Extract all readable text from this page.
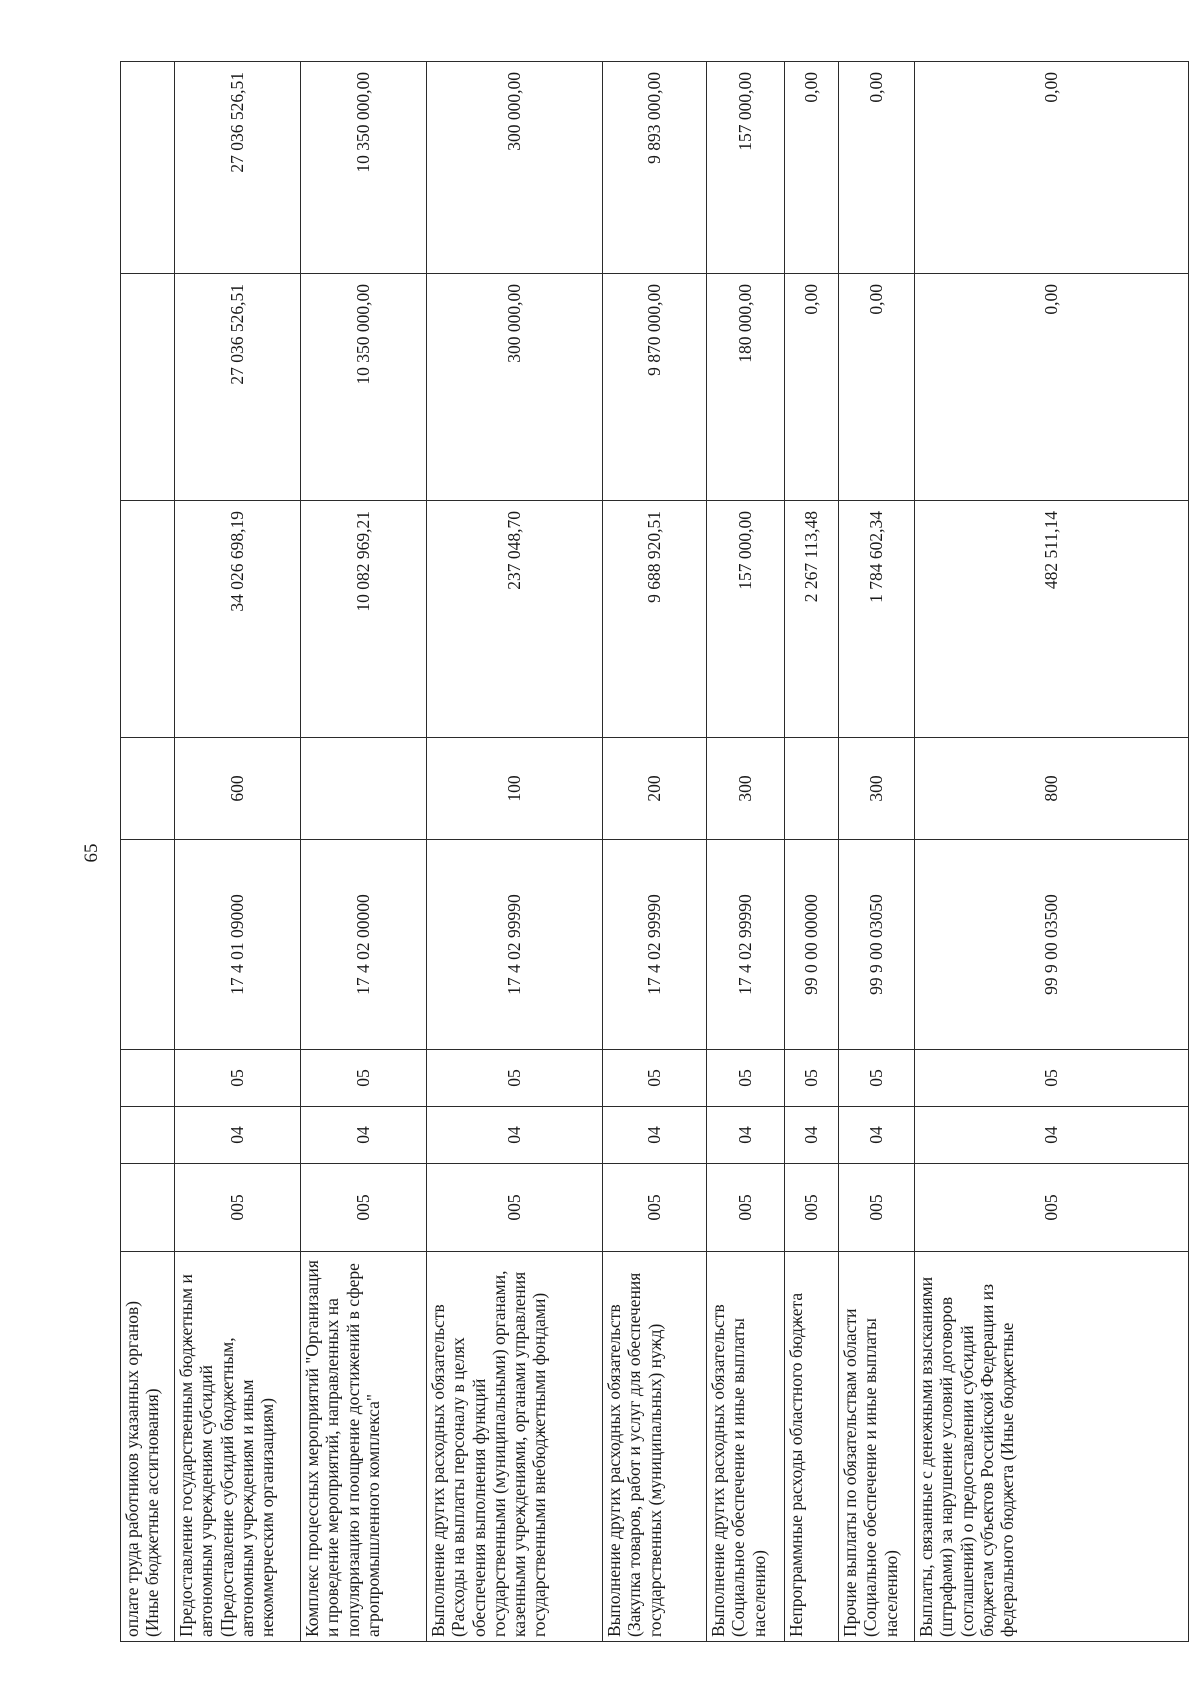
65
оплате труда работников указанных органов) (Иные бюджетные ассигнования)								
Предоставление государственным бюджетным и автономным учреждениям субсидий (Предоставление субсидий бюджетным, автономным учреждениям и иным некоммерческим организациям)	005	04	05	17 4 01 09000	600	34 026 698,19	27 036 526,51	27 036 526,51
Комплекс процессных мероприятий "Организация и проведение мероприятий, направленных на популяризацию и поощрение достижений в сфере агропромышленного комплекса"	005	04	05	17 4 02 00000		10 082 969,21	10 350 000,00	10 350 000,00
Выполнение других расходных обязательств (Расходы на выплаты персоналу в целях обеспечения выполнения функций государственными (муниципальными) органами, казенными учреждениями, органами управления государственными внебюджетными фондами)	005	04	05	17 4 02 99990	100	237 048,70	300 000,00	300 000,00
Выполнение других расходных обязательств (Закупка товаров, работ и услуг для обеспечения государственных (муниципальных) нужд)	005	04	05	17 4 02 99990	200	9 688 920,51	9 870 000,00	9 893 000,00
Выполнение других расходных обязательств (Социальное обеспечение и иные выплаты населению)	005	04	05	17 4 02 99990	300	157 000,00	180 000,00	157 000,00
Непрограммные расходы областного бюджета	005	04	05	99 0 00 00000		2 267 113,48	0,00	0,00
Прочие выплаты по обязательствам области (Социальное обеспечение и иные выплаты населению)	005	04	05	99 9 00 03050	300	1 784 602,34	0,00	0,00
Выплаты, связанные с денежными взысканиями (штрафами) за нарушение условий договоров (соглашений) о предоставлении субсидий бюджетам субъектов Российской Федерации из федерального бюджета (Иные бюджетные	005	04	05	99 9 00 03500	800	482 511,14	0,00	0,00
